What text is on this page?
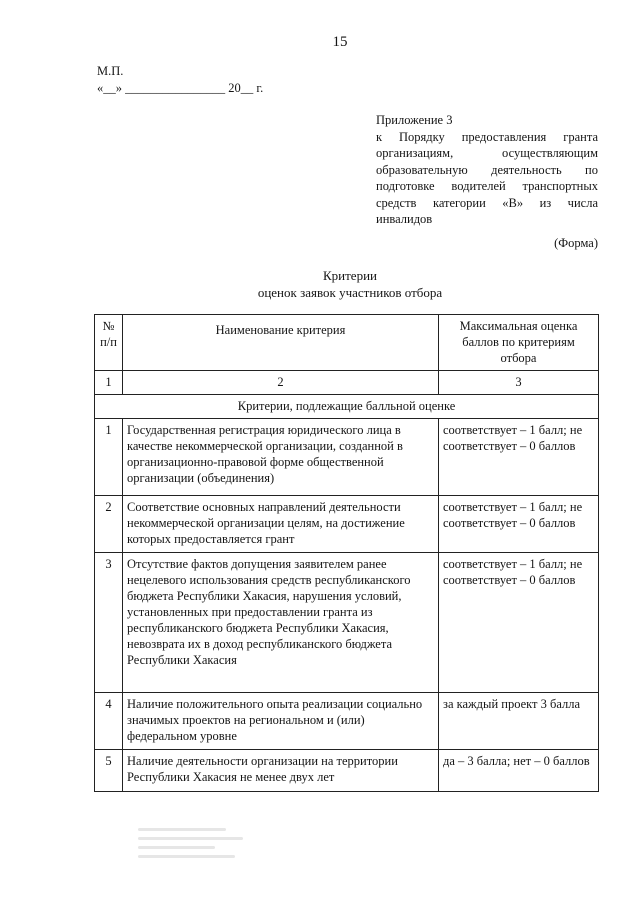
15
М.П.
«__» ________________ 20__ г.
Приложение 3
к Порядку предоставления гранта
организациям, осуществляющим
образовательную деятельность по
подготовке водителей транспортных
средств категории «В» из числа
инвалидов
(Форма)
Критерии
оценок заявок участников отбора
№ п/п	Наименование критерия	Максимальная оценка баллов по критериям отбора
1	2	3
Критерии, подлежащие балльной оценке		
1	Государственная регистрация юридического лица в качестве некоммерческой организации, созданной в организационно-правовой форме общественной организации (объединения)	соответствует – 1 балл; не соответствует – 0 баллов
2	Соответствие основных направлений деятельности некоммерческой организации целям, на достижение которых предоставляется грант	соответствует – 1 балл; не соответствует – 0 баллов
3	Отсутствие фактов допущения заявителем ранее нецелевого использования средств республиканского бюджета Республики Хакасия, нарушения условий, установленных при предоставлении гранта из республиканского бюджета Республики Хакасия, невозврата их в доход республиканского бюджета Республики Хакасия	соответствует – 1 балл; не соответствует – 0 баллов
4	Наличие положительного опыта реализации социально значимых проектов на региональном и (или) федеральном уровне	за каждый проект 3 балла
5	Наличие деятельности организации на территории Республики Хакасия не менее двух лет	да – 3 балла; нет – 0 баллов
